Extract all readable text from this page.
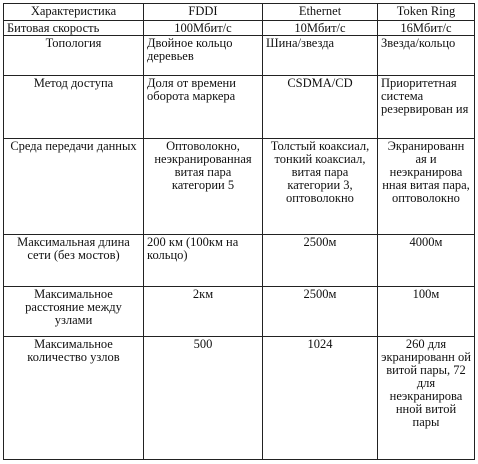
Характеристика	FDDI	Ethernet	Token Ring
Битовая скорость	100Мбит/с	10Мбит/с	16Мбит/с
Топология	Двойное кольцо деревьев	Шина/звезда	Звезда/кольцо
Метод доступа	Доля от времени оборота маркера	CSDMA/CD	Приоритетная система резервирован ия
Среда передачи данных	Оптоволокно, неэкранированная витая пара категории 5	Толстый коаксиал, тонкий коаксиал, витая пара категории 3, оптоволокно	Экранированн ая и неэкранирова нная витая пара, оптоволокно
Максимальная длина сети (без мостов)	200 км (100км на кольцо)	2500м	4000м
Максимальное расстояние между узлами	2км	2500м	100м
Максимальное количество узлов	500	1024	260 для экранированн ой витой пары, 72 для неэкранирова нной витой пары
